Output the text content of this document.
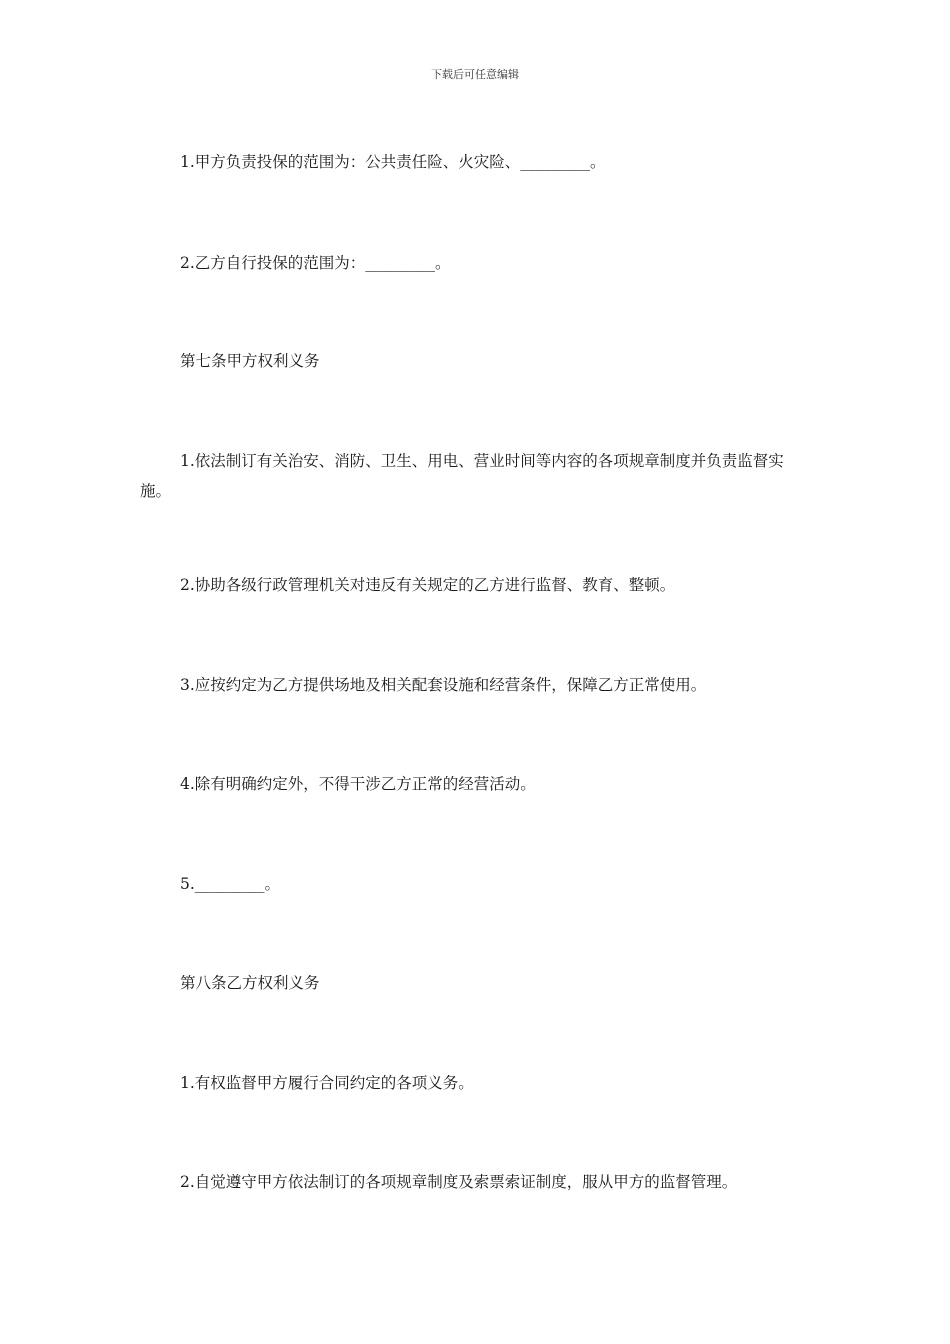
下载后可任意编辑

1.甲方负责投保的范围为：公共责任险、火灾险、_________。

2.乙方自行投保的范围为：_________。

第七条甲方权利义务

1.依法制订有关治安、消防、卫生、用电、营业时间等内容的各项规章制度并负责监督实施。

2.协助各级行政管理机关对违反有关规定的乙方进行监督、教育、整顿。

3.应按约定为乙方提供场地及相关配套设施和经营条件，保障乙方正常使用。

4.除有明确约定外，不得干涉乙方正常的经营活动。

5._________。

第八条乙方权利义务

1.有权监督甲方履行合同约定的各项义务。

2.自觉遵守甲方依法制订的各项规章制度及索票索证制度，服从甲方的监督管理。
